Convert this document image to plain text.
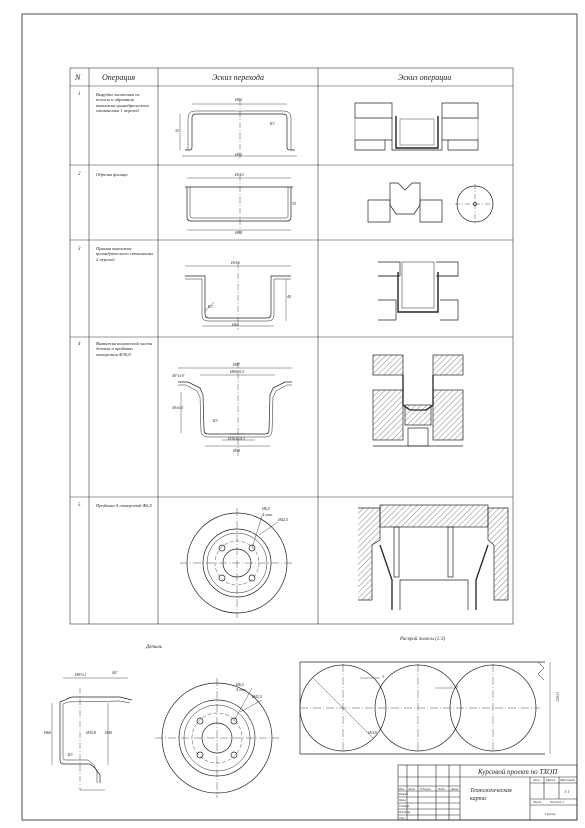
N	Операция	Эскиз перехода	Эскиз операции
1	Вырубка заготовки из полосы и обратная вытяжка цилиндрического стаканчика 1 переход
2	Обрезка фланца
3	Прямая вытяжка цилиндрического стаканчика 2 переход
4	Вытяжка конической части детали и пробивка отверстия Ф30,8
5	Пробивка 4 отверстий Ф6,5
Ø84
Ø90
R3
32
Ø110
Ø84
35
Ø110
Ø60
40
R3
Ø87
Ø60±0,5
Ø30,8±0,5
Ø58
40°±10'
50±0,5
R3
Ø6,5
4 отв.
Ø42,5
Деталь
Раскрой полосы (1:3)
126±1
Ø118
3
3
Ø87±1
Ø60	Ø40
Ø30,8
R3
40°
Ø6,5
4 отв.
Ø42,5
Курсовой проект по ТХОП
Технологическая карта
Лит. Масса Масштаб
1:1
Лист	Листов 1
Группа
Изм. Лист N докум. Подп. Дата
Разраб.
Пров.
Т.контр.
Н.контр.
Утв.
